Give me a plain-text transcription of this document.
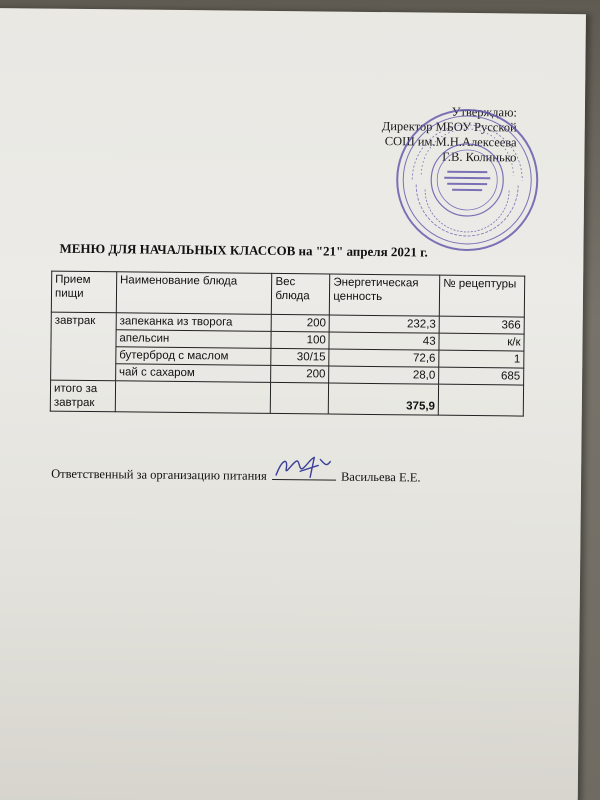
Утверждаю:
Директор МБОУ Русской
СОШ им.М.Н.Алексеева
Г.В. Колинько
МЕНЮ ДЛЯ НАЧАЛЬНЫХ КЛАССОВ на "21" апреля 2021 г.
Прием пищи	Наименование блюда	Вес блюда	Энергетическая ценность	№ рецептуры
завтрак	запеканка из творога	200	232,3	366
	апельсин	100	43	к/к
	бутерброд с маслом	30/15	72,6	1
	чай с сахаром	200	28,0	685
итого за завтрак			375,9	
Ответственный за организацию питания	Васильева Е.Е.
